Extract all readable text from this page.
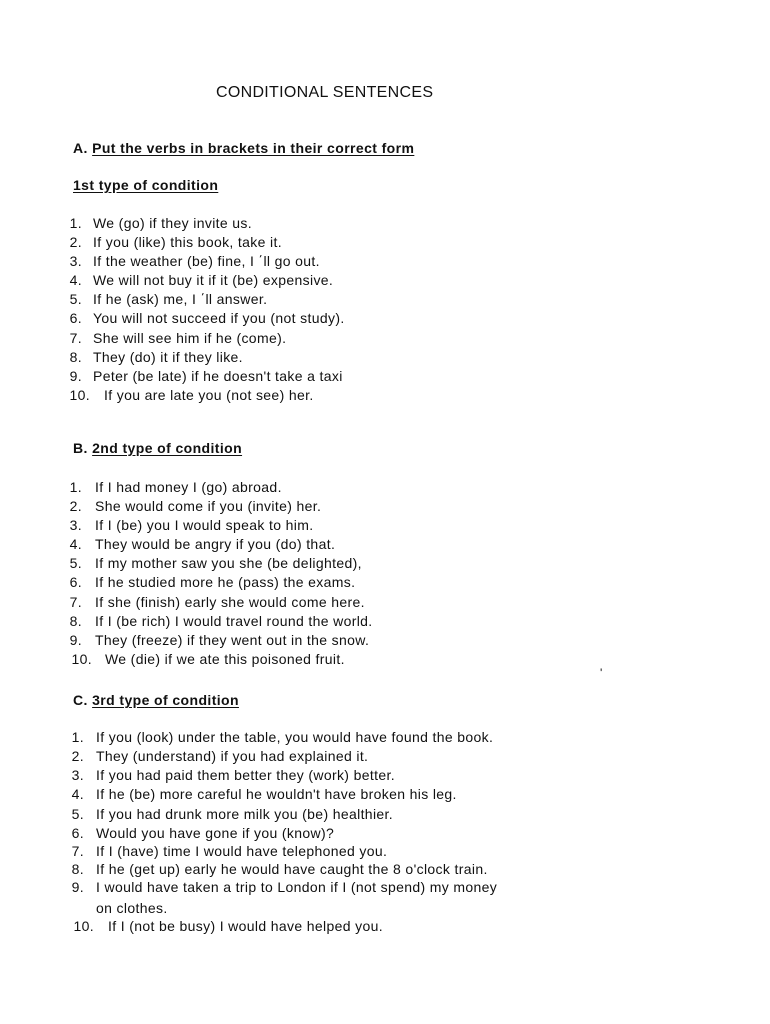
CONDITIONAL SENTENCES
A. Put the verbs in brackets in their correct form
1st type of condition
1. We (go) if they invite us.
2. If you (like) this book, take it.
3. If the weather (be) fine, I ΄ll go out.
4. We will not buy it if it (be) expensive.
5. If he (ask) me, I ΄ll answer.
6. You will not succeed if you (not study).
7. She will see him if he (come).
8. They (do) it if they like.
9. Peter (be late) if he doesn't take a taxi
10. If you are late you (not see) her.
B. 2nd type of condition
1. If I had money I (go) abroad.
2. She would come if you (invite) her.
3. If I (be) you I would speak to him.
4. They would be angry if you (do) that.
5. If my mother saw you she (be delighted),
6. If he studied more he (pass) the exams.
7. If she (finish) early she would come here.
8. If I (be rich) I would travel round the world.
9. They (freeze) if they went out in the snow.
10. We (die) if we ate this poisoned fruit.
'
C. 3rd type of condition
1. If you (look) under the table, you would have found the book.
2. They (understand) if you had explained it.
3. If you had paid them better they (work) better.
4. If he (be) more careful he wouldn't have broken his leg.
5. If you had drunk more milk you (be) healthier.
6. Would you have gone if you (know)?
7. If I (have) time I would have telephoned you.
8. If he (get up) early he would have caught the 8 o'clock train.
9. I would have taken a trip to London if I (not spend) my money
on clothes.
10. If I (not be busy) I would have helped you.
